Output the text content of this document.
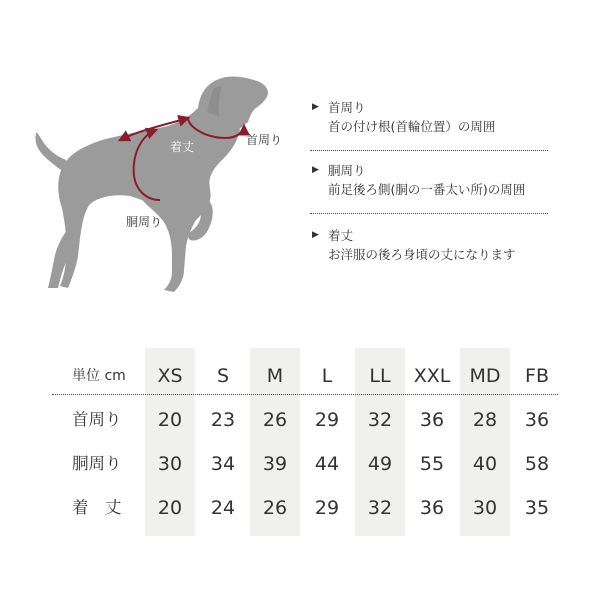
着丈	首周り
胴周り
▶ 首周り
首の付け根(首輪位置）の周囲
▶ 胴周り
前足後ろ側(胴の一番太い所)の周囲
▶ 着丈
お洋服の後ろ身頃の丈になります
単位 cm	XS	S	M	L	LL	XXL	MD	FB
首周り	20	23	26	29	32	36	28	36
胴周り	30	34	39	44	49	55	40	58
着　丈	20	24	26	29	32	36	30	35
